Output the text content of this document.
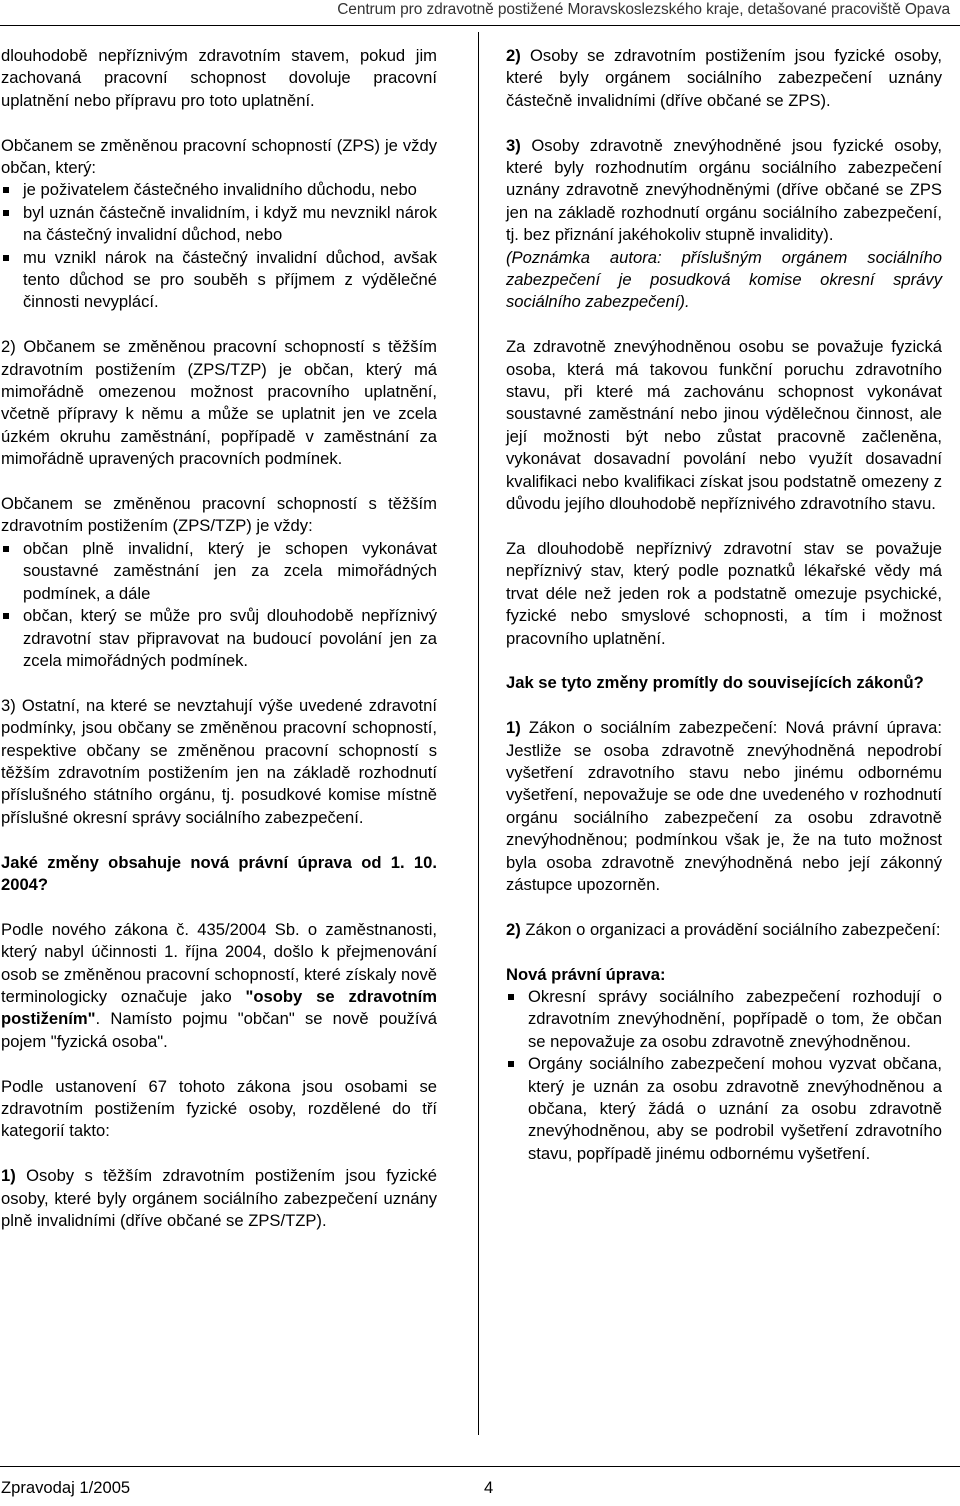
Centrum pro zdravotně postižené Moravskoslezského kraje, detašované pracoviště Opava

dlouhodobě nepříznivým zdravotním stavem, pokud jim zachovaná pracovní schopnost dovoluje pracovní uplatnění nebo přípravu pro toto uplatnění.

Občanem se změněnou pracovní schopností (ZPS) je vždy občan, který:

je poživatelem částečného invalidního důchodu, nebo
byl uznán částečně invalidním, i když mu nevznikl nárok na částečný invalidní důchod, nebo
mu vznikl nárok na částečný invalidní důchod, avšak tento důchod se pro souběh s příjmem z výdělečné činnosti nevyplácí.

2) Občanem se změněnou pracovní schopností s těžším zdravotním postižením (ZPS/TZP) je občan, který má mimořádně omezenou možnost pracovního uplatnění, včetně přípravy k němu a může se uplatnit jen ve zcela úzkém okruhu zaměstnání, popřípadě v zaměstnání za mimořádně upravených pracovních podmínek.

Občanem se změněnou pracovní schopností s těžším zdravotním postižením (ZPS/TZP) je vždy:

občan plně invalidní, který je schopen vykonávat soustavné zaměstnání jen za zcela mimořádných podmínek, a dále
občan, který se může pro svůj dlouhodobě nepříznivý zdravotní stav připravovat na budoucí povolání jen za zcela mimořádných podmínek.

3) Ostatní, na které se nevztahují výše uvedené zdravotní podmínky, jsou občany se změněnou pracovní schopností, respektive občany se změněnou pracovní schopností s těžším zdravotním postižením jen na základě rozhodnutí příslušného státního orgánu, tj. posudkové komise místně příslušné okresní správy sociálního zabezpečení.

Jaké změny obsahuje nová právní úprava od 1. 10. 2004?

Podle nového zákona č. 435/2004 Sb. o zaměstnanosti, který nabyl účinnosti 1. října 2004, došlo k přejmenování osob se změněnou pracovní schopností, které získaly nově terminologicky označuje jako "osoby se zdravotním postižením". Namísto pojmu "občan" se nově používá pojem "fyzická osoba".

Podle ustanovení 67 tohoto zákona jsou osobami se zdravotním postižením fyzické osoby, rozdělené do tří kategorií takto:

1) Osoby s těžším zdravotním postižením jsou fyzické osoby, které byly orgánem sociálního zabezpečení uznány plně invalidními (dříve občané se ZPS/TZP).

2) Osoby se zdravotním postižením jsou fyzické osoby, které byly orgánem sociálního zabezpečení uznány částečně invalidními (dříve občané se ZPS).

3) Osoby zdravotně znevýhodněné jsou fyzické osoby, které byly rozhodnutím orgánu sociálního zabezpečení uznány zdravotně znevýhodněnými (dříve občané se ZPS jen na základě rozhodnutí orgánu sociálního zabezpečení, tj. bez přiznání jakéhokoliv stupně invalidity).

(Poznámka autora: příslušným orgánem sociálního zabezpečení je posudková komise okresní správy sociálního zabezpečení).

Za zdravotně znevýhodněnou osobu se považuje fyzická osoba, která má takovou funkční poruchu zdravotního stavu, při které má zachovánu schopnost vykonávat soustavné zaměstnání nebo jinou výdělečnou činnost, ale její možnosti být nebo zůstat pracovně začleněna, vykonávat dosavadní povolání nebo využít dosavadní kvalifikaci nebo kvalifikaci získat jsou podstatně omezeny z důvodu jejího dlouhodobě nepříznivého zdravotního stavu.

Za dlouhodobě nepříznivý zdravotní stav se považuje nepříznivý stav, který podle poznatků lékařské vědy má trvat déle než jeden rok a podstatně omezuje psychické, fyzické nebo smyslové schopnosti, a tím i možnost pracovního uplatnění.

Jak se tyto změny promítly do souvisejících zákonů?

1) Zákon o sociálním zabezpečení: Nová právní úprava: Jestliže se osoba zdravotně znevýhodněná nepodrobí vyšetření zdravotního stavu nebo jinému odbornému vyšetření, nepovažuje se ode dne uvedeného v rozhodnutí orgánu sociálního zabezpečení za osobu zdravotně znevýhodněnou; podmínkou však je, že na tuto možnost byla osoba zdravotně znevýhodněná nebo její zákonný zástupce upozorněn.

2) Zákon o organizaci a provádění sociálního zabezpečení:

Nová právní úprava:

Okresní správy sociálního zabezpečení rozhodují o zdravotním znevýhodnění, popřípadě o tom, že občan se nepovažuje za osobu zdravotně znevýhodněnou.
Orgány sociálního zabezpečení mohou vyzvat občana, který je uznán za osobu zdravotně znevýhodněnou a občana, který žádá o uznání za osobu zdravotně znevýhodněnou, aby se podrobil vyšetření zdravotního stavu, popřípadě jinému odbornému vyšetření.
Zpravodaj 1/2005	4
